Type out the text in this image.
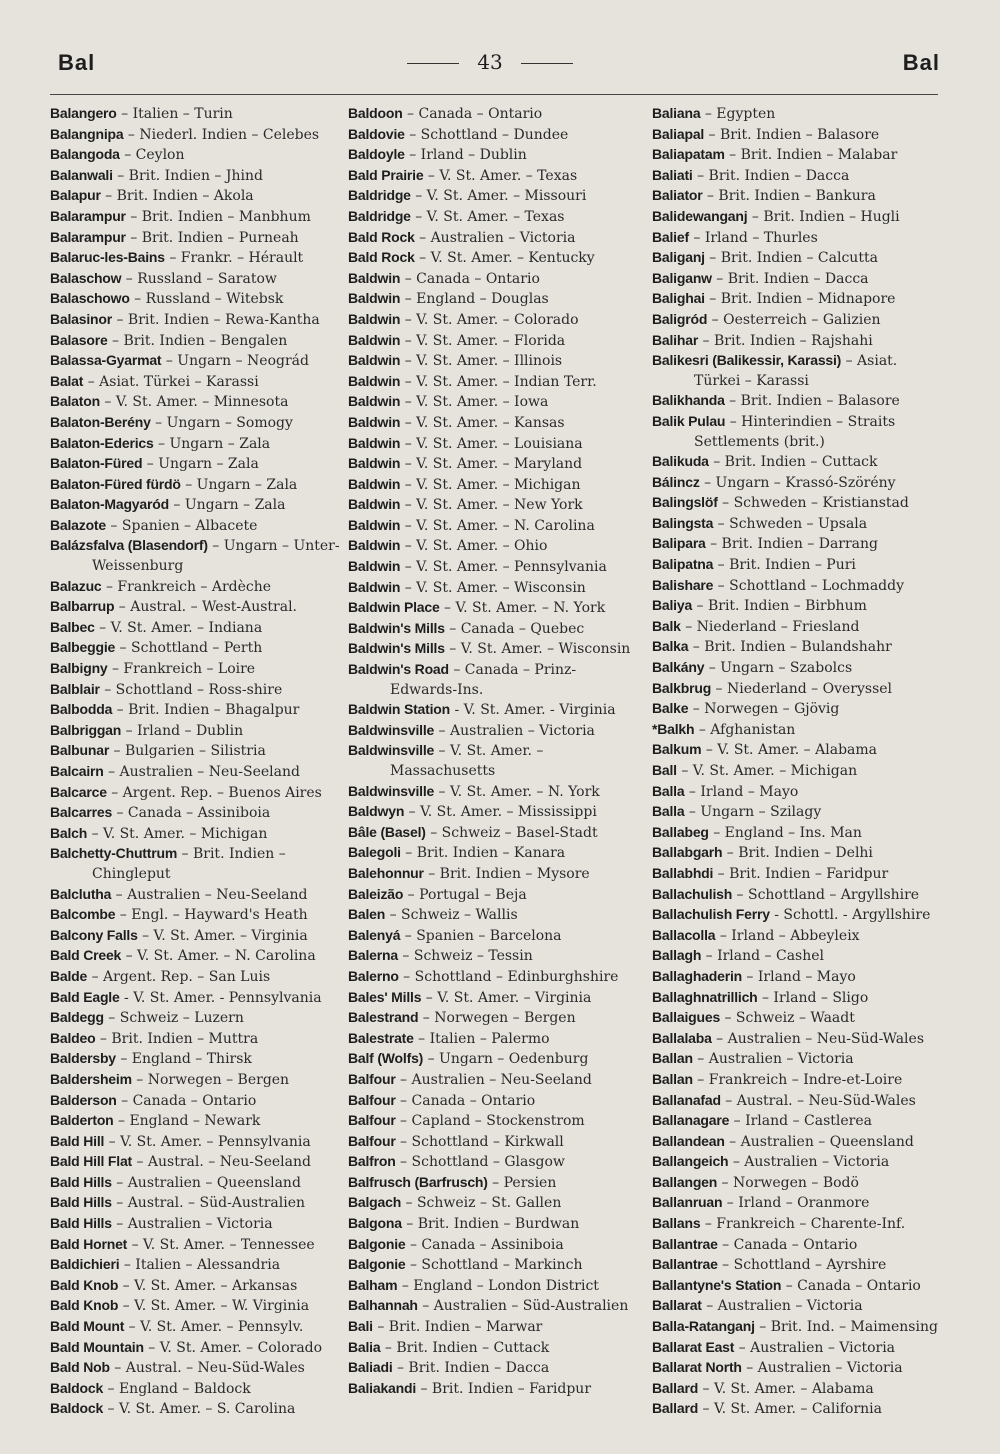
Bal	43	Bal
Balangero – Italien – Turin
Balangnipa – Niederl. Indien – Celebes
Balangoda – Ceylon
Balanwali – Brit. Indien – Jhind
Balapur – Brit. Indien – Akola
Balarampur – Brit. Indien – Manbhum
Balarampur – Brit. Indien – Purneah
Balaruc-les-Bains – Frankr. – Hérault
Balaschow – Russland – Saratow
Balaschowo – Russland – Witebsk
Balasinor – Brit. Indien – Rewa-Kantha
Balasore – Brit. Indien – Bengalen
Balassa-Gyarmat – Ungarn – Neográd
Balat – Asiat. Türkei – Karassi
Balaton – V. St. Amer. – Minnesota
Balaton-Berény – Ungarn – Somogy
Balaton-Ederics – Ungarn – Zala
Balaton-Füred – Ungarn – Zala
Balaton-Füred fürdö – Ungarn – Zala
Balaton-Magyaród – Ungarn – Zala
Balazote – Spanien – Albacete
Balázsfalva (Blasendorf) – Ungarn – Unter-Weissenburg
Balazuc – Frankreich – Ardèche
Balbarrup – Austral. – West-Austral.
Balbec – V. St. Amer. – Indiana
Balbeggie – Schottland – Perth
Balbigny – Frankreich – Loire
Balblair – Schottland – Ross-shire
Balbodda – Brit. Indien – Bhagalpur
Balbriggan – Irland – Dublin
Balbunar – Bulgarien – Silistria
Balcairn – Australien – Neu-Seeland
Balcarce – Argent. Rep. – Buenos Aires
Balcarres – Canada – Assiniboia
Balch – V. St. Amer. – Michigan
Balchetty-Chuttrum – Brit. Indien – Chingleput
Balclutha – Australien – Neu-Seeland
Balcombe – Engl. – Hayward's Heath
Balcony Falls – V. St. Amer. – Virginia
Bald Creek – V. St. Amer. – N. Carolina
Balde – Argent. Rep. – San Luis
Bald Eagle - V. St. Amer. - Pennsylvania
Baldegg – Schweiz – Luzern
Baldeo – Brit. Indien – Muttra
Baldersby – England – Thirsk
Baldersheim – Norwegen – Bergen
Balderson – Canada – Ontario
Balderton – England – Newark
Bald Hill – V. St. Amer. – Pennsylvania
Bald Hill Flat – Austral. – Neu-Seeland
Bald Hills – Australien – Queensland
Bald Hills – Austral. – Süd-Australien
Bald Hills – Australien – Victoria
Bald Hornet – V. St. Amer. – Tennessee
Baldichieri – Italien – Alessandria
Bald Knob – V. St. Amer. – Arkansas
Bald Knob – V. St. Amer. – W. Virginia
Bald Mount – V. St. Amer. – Pennsylv.
Bald Mountain – V. St. Amer. – Colorado
Bald Nob – Austral. – Neu-Süd-Wales
Baldock – England – Baldock
Baldock – V. St. Amer. – S. Carolina
Baldoon – Canada – Ontario
Baldovie – Schottland – Dundee
Baldoyle – Irland – Dublin
Bald Prairie – V. St. Amer. – Texas
Baldridge – V. St. Amer. – Missouri
Baldridge – V. St. Amer. – Texas
Bald Rock – Australien – Victoria
Bald Rock – V. St. Amer. – Kentucky
Baldwin – Canada – Ontario
Baldwin – England – Douglas
Baldwin – V. St. Amer. – Colorado
Baldwin – V. St. Amer. – Florida
Baldwin – V. St. Amer. – Illinois
Baldwin – V. St. Amer. – Indian Terr.
Baldwin – V. St. Amer. – Iowa
Baldwin – V. St. Amer. – Kansas
Baldwin – V. St. Amer. – Louisiana
Baldwin – V. St. Amer. – Maryland
Baldwin – V. St. Amer. – Michigan
Baldwin – V. St. Amer. – New York
Baldwin – V. St. Amer. – N. Carolina
Baldwin – V. St. Amer. – Ohio
Baldwin – V. St. Amer. – Pennsylvania
Baldwin – V. St. Amer. – Wisconsin
Baldwin Place – V. St. Amer. – N. York
Baldwin's Mills – Canada – Quebec
Baldwin's Mills – V. St. Amer. – Wisconsin
Baldwin's Road – Canada – Prinz-Edwards-Ins.
Baldwin Station - V. St. Amer. - Virginia
Baldwinsville – Australien – Victoria
Baldwinsville – V. St. Amer. – Massachusetts
Baldwinsville – V. St. Amer. – N. York
Baldwyn – V. St. Amer. – Mississippi
Bâle (Basel) – Schweiz – Basel-Stadt
Balegoli – Brit. Indien – Kanara
Balehonnur – Brit. Indien – Mysore
Baleizão – Portugal – Beja
Balen – Schweiz – Wallis
Balenyá – Spanien – Barcelona
Balerna – Schweiz – Tessin
Balerno – Schottland – Edinburghshire
Bales' Mills – V. St. Amer. – Virginia
Balestrand – Norwegen – Bergen
Balestrate – Italien – Palermo
Balf (Wolfs) – Ungarn – Oedenburg
Balfour – Australien – Neu-Seeland
Balfour – Canada – Ontario
Balfour – Capland – Stockenstrom
Balfour – Schottland – Kirkwall
Balfron – Schottland – Glasgow
Balfrusch (Barfrusch) – Persien
Balgach – Schweiz – St. Gallen
Balgona – Brit. Indien – Burdwan
Balgonie – Canada – Assiniboia
Balgonie – Schottland – Markinch
Balham – England – London District
Balhannah – Australien – Süd-Australien
Bali – Brit. Indien – Marwar
Balia – Brit. Indien – Cuttack
Baliadi – Brit. Indien – Dacca
Baliakandi – Brit. Indien – Faridpur
Baliana – Egypten
Baliapal – Brit. Indien – Balasore
Baliapatam – Brit. Indien – Malabar
Baliati – Brit. Indien – Dacca
Baliator – Brit. Indien – Bankura
Balidewanganj – Brit. Indien – Hugli
Balief – Irland – Thurles
Baliganj – Brit. Indien – Calcutta
Baliganw – Brit. Indien – Dacca
Balighai – Brit. Indien – Midnapore
Baligród – Oesterreich – Galizien
Balihar – Brit. Indien – Rajshahi
Balikesri (Balikessir, Karassi) – Asiat. Türkei – Karassi
Balikhanda – Brit. Indien – Balasore
Balik Pulau – Hinterindien – Straits Settlements (brit.)
Balikuda – Brit. Indien – Cuttack
Bálincz – Ungarn – Krassó-Szörény
Balingslöf – Schweden – Kristianstad
Balingsta – Schweden – Upsala
Balipara – Brit. Indien – Darrang
Balipatna – Brit. Indien – Puri
Balishare – Schottland – Lochmaddy
Baliya – Brit. Indien – Birbhum
Balk – Niederland – Friesland
Balka – Brit. Indien – Bulandshahr
Balkány – Ungarn – Szabolcs
Balkbrug – Niederland – Overyssel
Balke – Norwegen – Gjövig
*Balkh – Afghanistan
Balkum – V. St. Amer. – Alabama
Ball – V. St. Amer. – Michigan
Balla – Irland – Mayo
Balla – Ungarn – Szilagy
Ballabeg – England – Ins. Man
Ballabgarh – Brit. Indien – Delhi
Ballabhdi – Brit. Indien – Faridpur
Ballachulish – Schottland – Argyllshire
Ballachulish Ferry - Schottl. - Argyllshire
Ballacolla – Irland – Abbeyleix
Ballagh – Irland – Cashel
Ballaghaderin – Irland – Mayo
Ballaghnatrillich – Irland – Sligo
Ballaigues – Schweiz – Waadt
Ballalaba – Australien – Neu-Süd-Wales
Ballan – Australien – Victoria
Ballan – Frankreich – Indre-et-Loire
Ballanafad – Austral. – Neu-Süd-Wales
Ballanagare – Irland – Castlerea
Ballandean – Australien – Queensland
Ballangeich – Australien – Victoria
Ballangen – Norwegen – Bodö
Ballanruan – Irland – Oranmore
Ballans – Frankreich – Charente-Inf.
Ballantrae – Canada – Ontario
Ballantrae – Schottland – Ayrshire
Ballantyne's Station – Canada – Ontario
Ballarat – Australien – Victoria
Balla-Ratanganj – Brit. Ind. – Maimensing
Ballarat East – Australien – Victoria
Ballarat North – Australien – Victoria
Ballard – V. St. Amer. – Alabama
Ballard – V. St. Amer. – California
